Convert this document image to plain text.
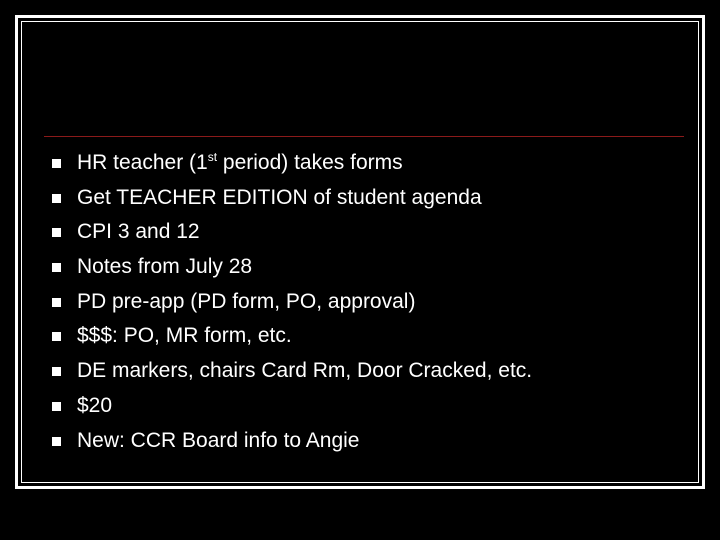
HR teacher (1st period) takes forms
Get TEACHER EDITION of student agenda
CPI 3 and 12
Notes from July 28
PD pre-app (PD form, PO, approval)
$$$: PO, MR form, etc.
DE markers, chairs Card Rm, Door Cracked, etc.
$20
New: CCR Board info to Angie
